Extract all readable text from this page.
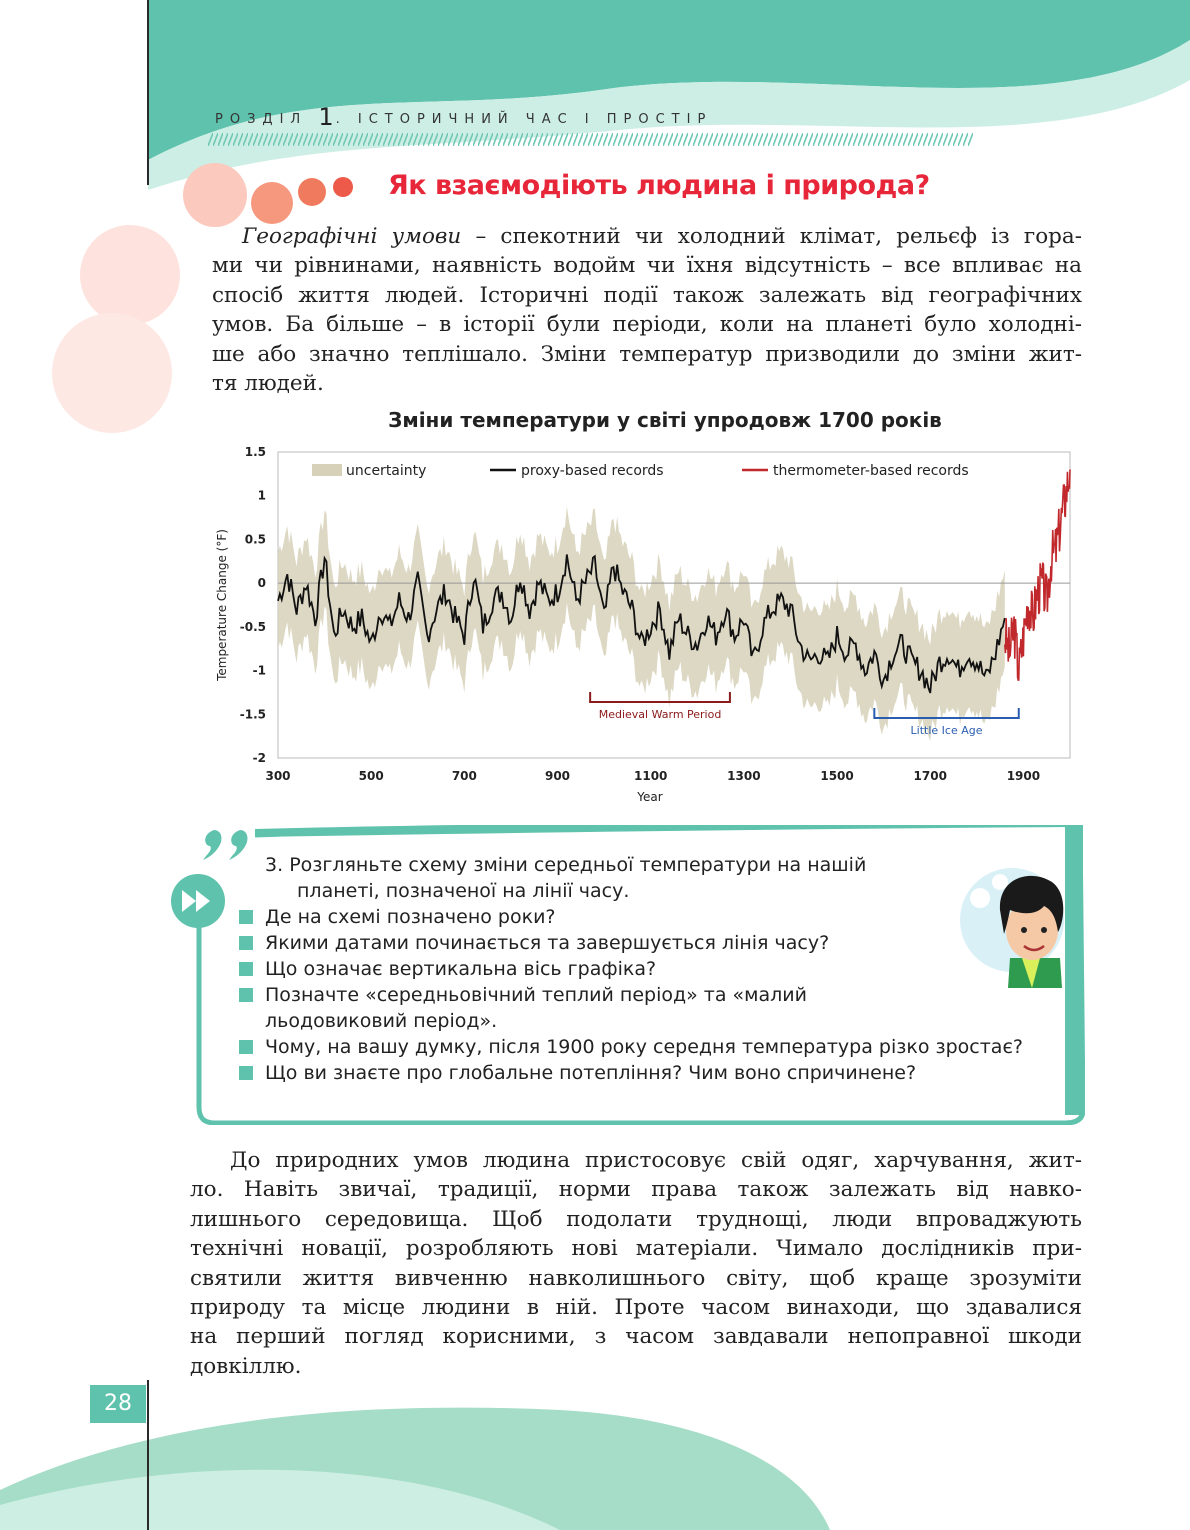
РОЗДІЛ 1. ІСТОРИЧНИЙ ЧАС І ПРОСТІР
Як взаємодіють людина і природа?
Географічні умови – спекотний чи холодний клімат, рельєф із гора-
ми чи рівнинами, наявність водойм чи їхня відсутність – все впливає на
спосіб життя людей. Історичні події також залежать від географічних
умов. Ба більше – в історії були періоди, коли на планеті було холодні-
ше або значно теплішало. Зміни температур призводили до зміни жит-
тя людей.
Зміни температури у світі упродовж 1700 років
Medieval Warm Period
Little Ice Age
1.5
1
0.5
0
-0.5
-1
-1.5
-2
300	500	700	900	1100	1300	1500	1700	1900
uncertainty	proxy-based records	thermometer-based records
Year
Temperature Change (°F)
3. Розгляньте схему зміни середньої температури на нашій
планеті, позначеної на лінії часу.
Де на схемі позначено роки?
Якими датами починається та завершується лінія часу?
Що означає вертикальна вісь графіка?
Позначте «середньовічний теплий період» та «малий льодовиковий період».
Чому, на вашу думку, після 1900 року середня температура різко зростає?
Що ви знаєте про глобальне потепління? Чим воно спричинене?
До природних умов людина пристосовує свій одяг, харчування, жит-
ло. Навіть звичаї, традиції, норми права також залежать від навко-
лишнього середовища. Щоб подолати труднощі, люди впроваджують
технічні новації, розробляють нові матеріали. Чимало дослідників при-
святили життя вивченню навколишнього світу, щоб краще зрозуміти
природу та місце людини в ній. Проте часом винаходи, що здавалися
на перший погляд корисними, з часом завдавали непоправної шкоди
довкіллю.
28
